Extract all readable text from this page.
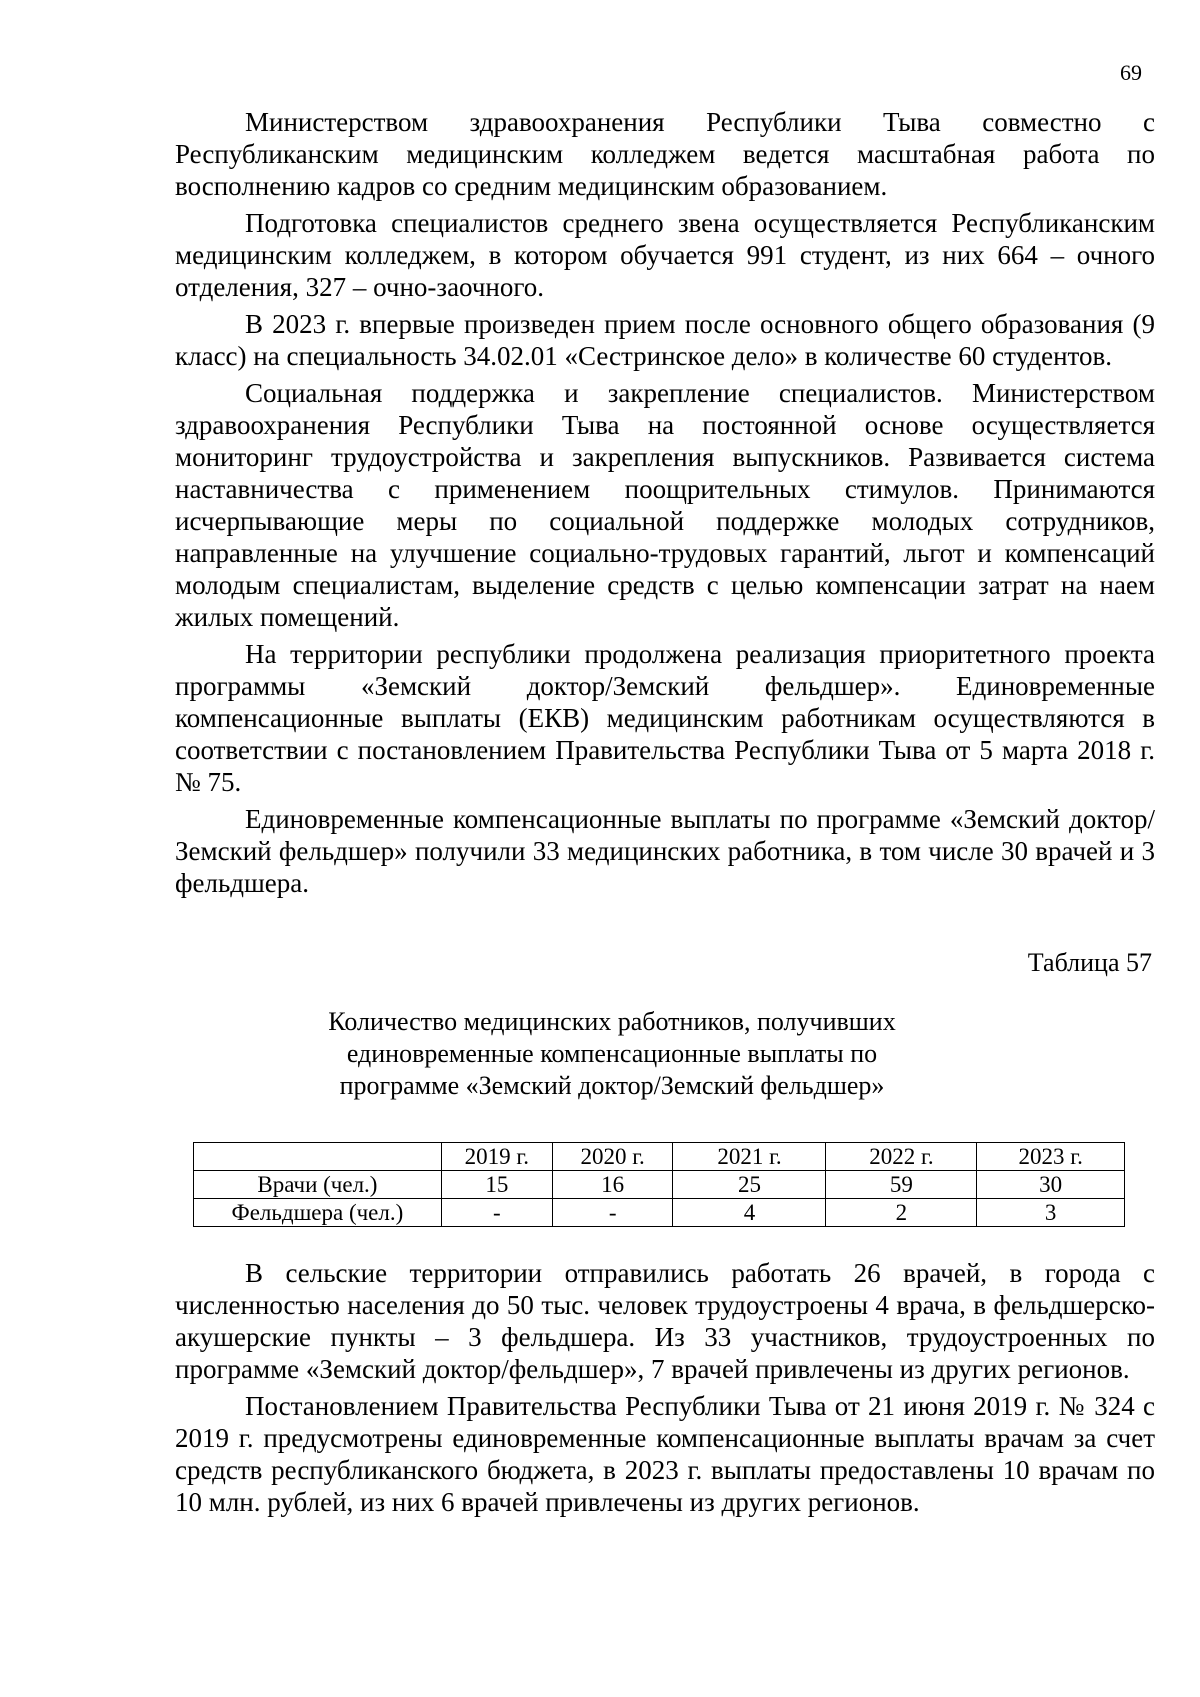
69

Министерством здравоохранения Республики Тыва совместно с Республиканским медицинским колледжем ведется масштабная работа по восполнению кадров со средним медицинским образованием.

Подготовка специалистов среднего звена осуществляется Республиканским медицинским колледжем, в котором обучается 991 студент, из них 664 – очного отделения, 327 – очно-заочного.

В 2023 г. впервые произведен прием после основного общего образования (9 класс) на специальность 34.02.01 «Сестринское дело» в количестве 60 студентов.

Социальная поддержка и закрепление специалистов. Министерством здравоохранения Республики Тыва на постоянной основе осуществляется мониторинг трудоустройства и закрепления выпускников. Развивается система наставничества с применением поощрительных стимулов. Принимаются исчерпывающие меры по социальной поддержке молодых сотрудников, направленные на улучшение социально-трудовых гарантий, льгот и компенсаций молодым специалистам, выделение средств с целью компенсации затрат на наем жилых помещений.

На территории республики продолжена реализация приоритетного проекта программы «Земский доктор/Земский фельдшер». Единовременные компенсационные выплаты (ЕКВ) медицинским работникам осуществляются в соответствии с постановлением Правительства Республики Тыва от 5 марта 2018 г. № 75.

Единовременные компенсационные выплаты по программе «Земский доктор/Земский фельдшер» получили 33 медицинских работника, в том числе 30 врачей и 3 фельдшера.

Таблица 57
Количество медицинских работников, получивших
единовременные компенсационные выплаты по
программе «Земский доктор/Земский фельдшер»
	2019 г.	2020 г.	2021 г.	2022 г.	2023 г.
Врачи (чел.)	15	16	25	59	30
Фельдшера (чел.)	-	-	4	2	3

В сельские территории отправились работать 26 врачей, в города с численностью населения до 50 тыс. человек трудоустроены 4 врача, в фельдшерско-акушерские пункты – 3 фельдшера. Из 33 участников, трудоустроенных по программе «Земский доктор/фельдшер», 7 врачей привлечены из других регионов.

Постановлением Правительства Республики Тыва от 21 июня 2019 г. № 324 с 2019 г. предусмотрены единовременные компенсационные выплаты врачам за счет средств республиканского бюджета, в 2023 г. выплаты предоставлены 10 врачам по 10 млн. рублей, из них 6 врачей привлечены из других регионов.
